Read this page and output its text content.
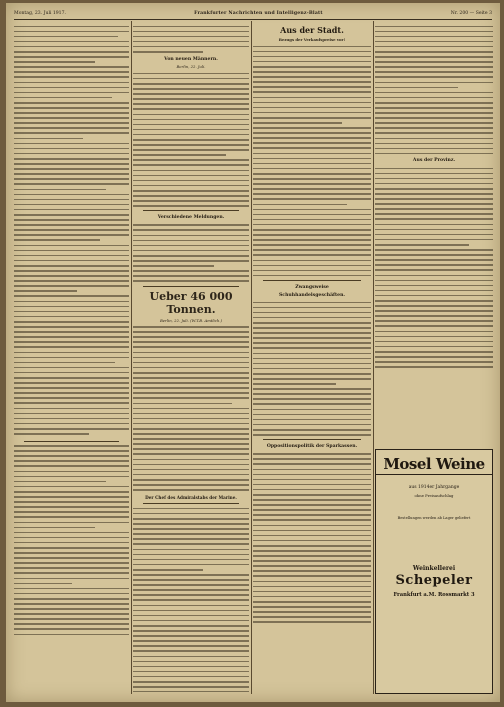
Montag, 23. Juli 1917.	Frankfurter Nachrichten und Intelligenz-Blatt	Nr. 200 — Seite 3
Von neuen Männern.
Berlin, 22. Juli.
Verschiedene Meldungen.
Ueber 46 000 Tonnen.
Berlin, 22. Juli. (W.T.B. Amtlich.)
Der Chef des Admiralstabs der Marine.
Aus der Stadt.
Bezugs der Verkaufspreise vor!
Zwangsweise
Schuhhandelsgeschäften.
Oppositionspolitik der Sparkassen.
Aus der Provinz.
Mosel Weine
aus 1914er Jahrgange
ohne Preisaufschlag
Bestellungen werden ab Lager geliefert
Weinkellerei
Schepeler
Frankfurt a.M. Rossmarkt 3
